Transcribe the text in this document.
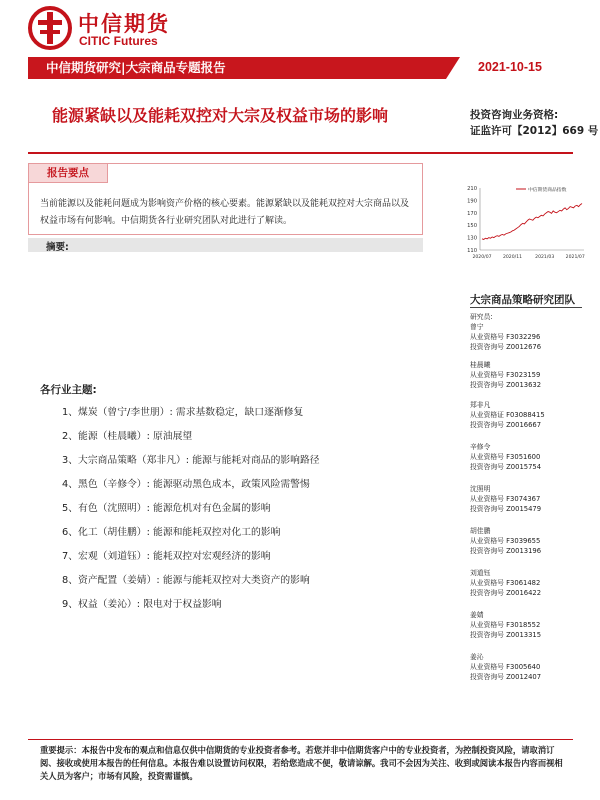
中信期货
CITIC Futures
中信期货研究|大宗商品专题报告	2021-10-15
能源紧缺以及能耗双控对大宗及权益市场的影响	投资咨询业务资格:
证监许可【2012】669 号
报告要点
当前能源以及能耗问题成为影响资产价格的核心要素。能源紧缺以及能耗双控对大宗商品以及权益市场有何影响。中信期货各行业研究团队对此进行了解读。
摘要:
210
190
170
150
130
110
2020/07 2020/11	2021/03 2021/07
中信期货商品指数
大宗商品策略研究团队
研究员:
曾宁
从业资格号 F3032296
投资咨询号 Z0012676
桂晨曦
从业资格号 F3023159
投资咨询号 Z0013632
郑非凡
从业资格证 F03088415
投资咨询号 Z0016667
辛修令
从业资格号 F3051600
投资咨询号 Z0015754
沈照明
从业资格号 F3074367
投资咨询号 Z0015479
胡佳鹏
从业资格号 F3039655
投资咨询号 Z0013196
刘道钰
从业资格号 F3061482
投资咨询号 Z0016422
姜婧
从业资格号 F3018552
投资咨询号 Z0013315
姜沁
从业资格号 F3005640
投资咨询号 Z0012407
各行业主题:
1、煤炭（曾宁/李世朋）: 需求基数稳定，缺口逐渐修复
2、能源（桂晨曦）: 原油展望
3、大宗商品策略（郑非凡）: 能源与能耗对商品的影响路径
4、黑色（辛修令）: 能源驱动黑色成本，政策风险需警惕
5、有色（沈照明）: 能源危机对有色金属的影响
6、化工（胡佳鹏）: 能源和能耗双控对化工的影响
7、宏观（刘道钰）: 能耗双控对宏观经济的影响
8、资产配置（姜婧）: 能源与能耗双控对大类资产的影响
9、权益（姜沁）: 限电对于权益影响
重要提示：本报告中发布的观点和信息仅供中信期货的专业投资者参考。若您并非中信期货客户中的专业投资者，为控制投资风险，请取消订阅、接收或使用本报告的任何信息。本报告难以设置访问权限，若给您造成不便，敬请谅解。我司不会因为关注、收到或阅读本报告内容而视相关人员为客户；市场有风险，投资需谨慎。
